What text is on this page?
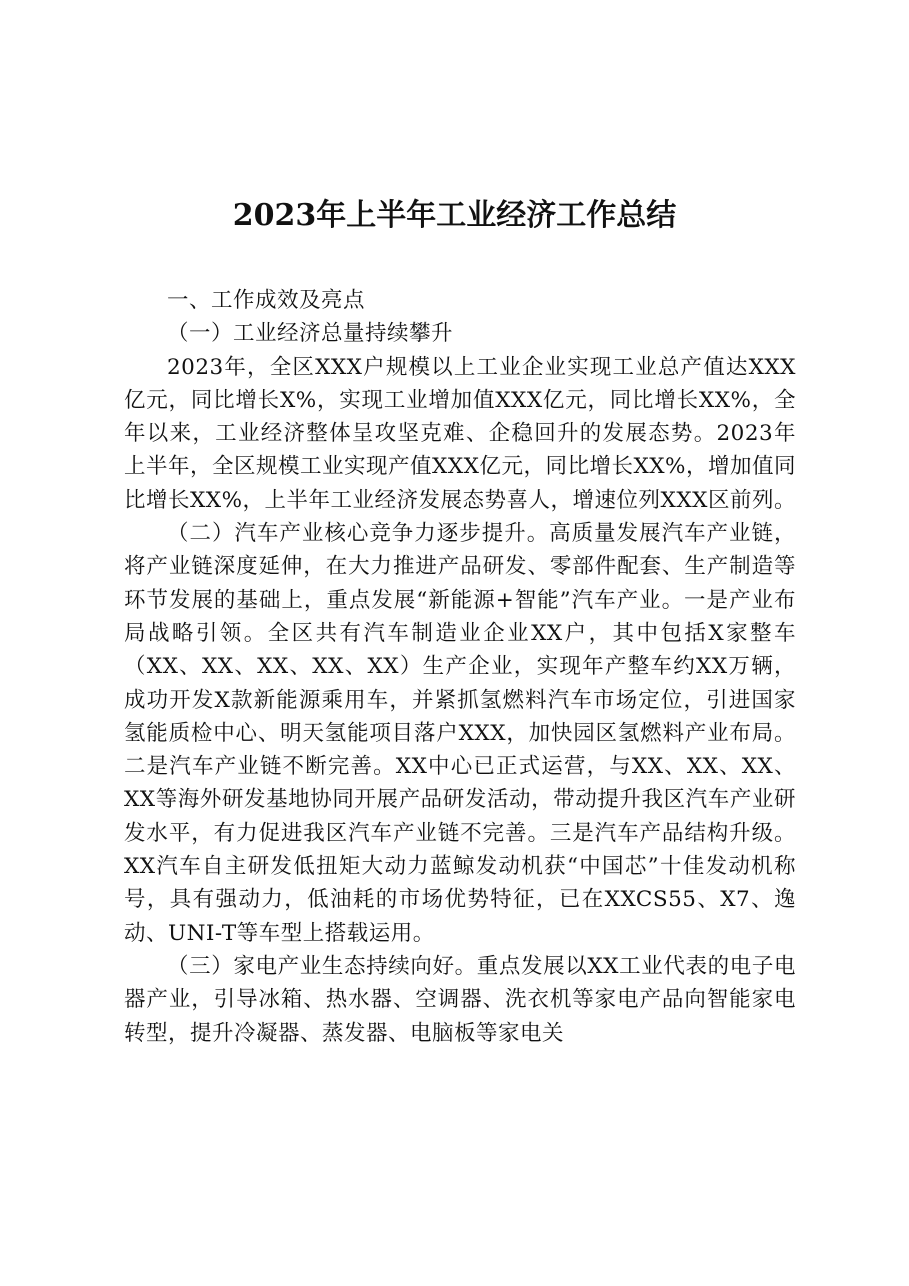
2023年上半年工业经济工作总结

一、工作成效及亮点

（一）工业经济总量持续攀升

2023年，全区XXX户规模以上工业企业实现工业总产值达XXX亿元，同比增长X%，实现工业增加值XXX亿元，同比增长XX%，全年以来，工业经济整体呈攻坚克难、企稳回升的发展态势。2023年上半年，全区规模工业实现产值XXX亿元，同比增长XX%，增加值同比增长XX%，上半年工业经济发展态势喜人，增速位列XXX区前列。

（二）汽车产业核心竞争力逐步提升。高质量发展汽车产业链，将产业链深度延伸，在大力推进产品研发、零部件配套、生产制造等环节发展的基础上，重点发展“新能源+智能”汽车产业。一是产业布局战略引领。全区共有汽车制造业企业XX户，其中包括X家整车（XX、XX、XX、XX、XX）生产企业，实现年产整车约XX万辆，成功开发X款新能源乘用车，并紧抓氢燃料汽车市场定位，引进国家氢能质检中心、明天氢能项目落户XXX，加快园区氢燃料产业布局。二是汽车产业链不断完善。XX中心已正式运营，与XX、XX、XX、XX等海外研发基地协同开展产品研发活动，带动提升我区汽车产业研发水平，有力促进我区汽车产业链不完善。三是汽车产品结构升级。XX汽车自主研发低扭矩大动力蓝鲸发动机获“中国芯”十佳发动机称号，具有强动力，低油耗的市场优势特征，已在XXCS55、X7、逸动、UNI-T等车型上搭载运用。

（三）家电产业生态持续向好。重点发展以XX工业代表的电子电器产业，引导冰箱、热水器、空调器、洗衣机等家电产品向智能家电转型，提升冷凝器、蒸发器、电脑板等家电关
